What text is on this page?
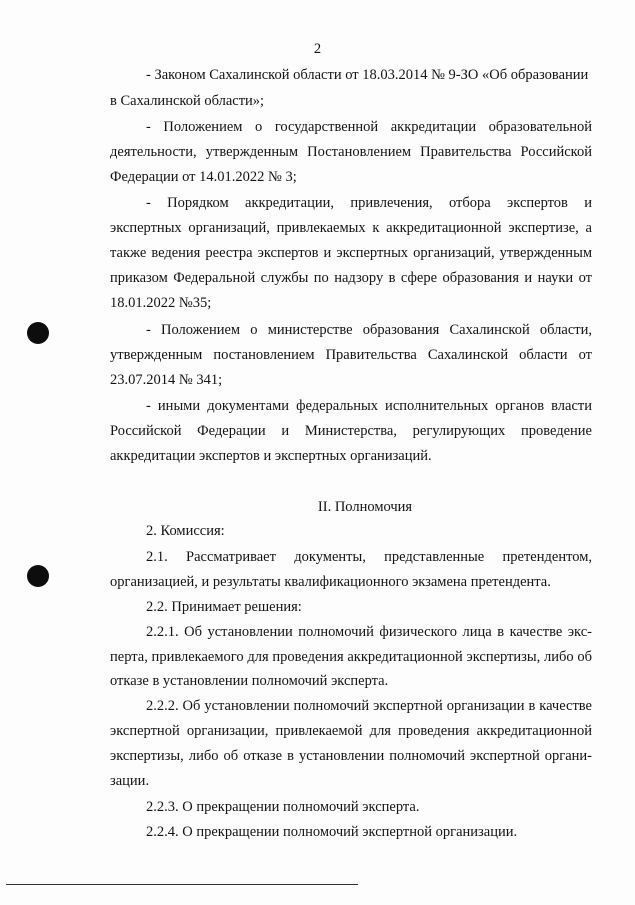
2
- Законом Сахалинской области от 18.03.2014 № 9-ЗО «Об образовании
в Сахалинской области»;
- Положением о государственной аккредитации образовательной
деятельности, утвержденным Постановлением Правительства Российской
Федерации от 14.01.2022 № 3;
- Порядком аккредитации, привлечения, отбора экспертов и
экспертных организаций, привлекаемых к аккредитационной экспертизе, а
также ведения реестра экспертов и экспертных организаций, утвержденным
приказом Федеральной службы по надзору в сфере образования и науки от
18.01.2022 №35;
- Положением о министерстве образования Сахалинской области,
утвержденным постановлением Правительства Сахалинской области от
23.07.2014 № 341;
- иными документами федеральных исполнительных органов власти
Российской Федерации и Министерства, регулирующих проведение
аккредитации экспертов и экспертных организаций.
II. Полномочия
2. Комиссия:
2.1. Рассматривает документы, представленные претендентом,
организацией, и результаты квалификационного экзамена претендента.
2.2. Принимает решения:
2.2.1. Об установлении полномочий физического лица в качестве экс-
перта, привлекаемого для проведения аккредитационной экспертизы, либо об
отказе в установлении полномочий эксперта.
2.2.2. Об установлении полномочий экспертной организации в качестве
экспертной организации, привлекаемой для проведения аккредитационной
экспертизы, либо об отказе в установлении полномочий экспертной органи-
зации.
2.2.3. О прекращении полномочий эксперта.
2.2.4. О прекращении полномочий экспертной организации.
